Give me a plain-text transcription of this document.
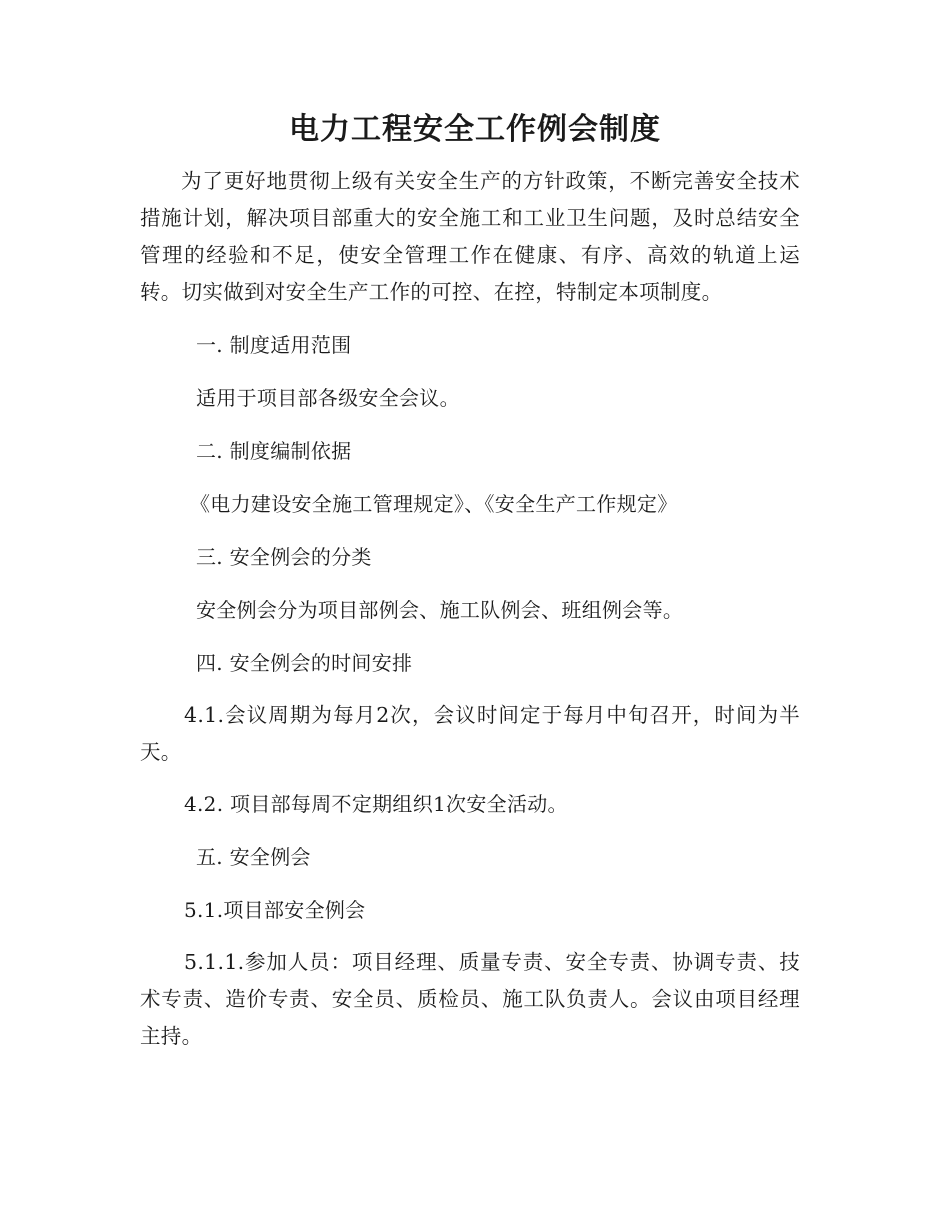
电力工程安全工作例会制度
为了更好地贯彻上级有关安全生产的方针政策，不断完善安全技术措施计划，解决项目部重大的安全施工和工业卫生问题，及时总结安全管理的经验和不足，使安全管理工作在健康、有序、高效的轨道上运转。切实做到对安全生产工作的可控、在控，特制定本项制度。
一. 制度适用范围
适用于项目部各级安全会议。
二. 制度编制依据
《电力建设安全施工管理规定》、《安全生产工作规定》
三. 安全例会的分类
安全例会分为项目部例会、施工队例会、班组例会等。
四. 安全例会的时间安排
4.1.会议周期为每月2次，会议时间定于每月中旬召开，时间为半天。
4.2. 项目部每周不定期组织1次安全活动。
五. 安全例会
5.1.项目部安全例会
5.1.1.参加人员：项目经理、质量专责、安全专责、协调专责、技术专责、造价专责、安全员、质检员、施工队负责人。会议由项目经理主持。
